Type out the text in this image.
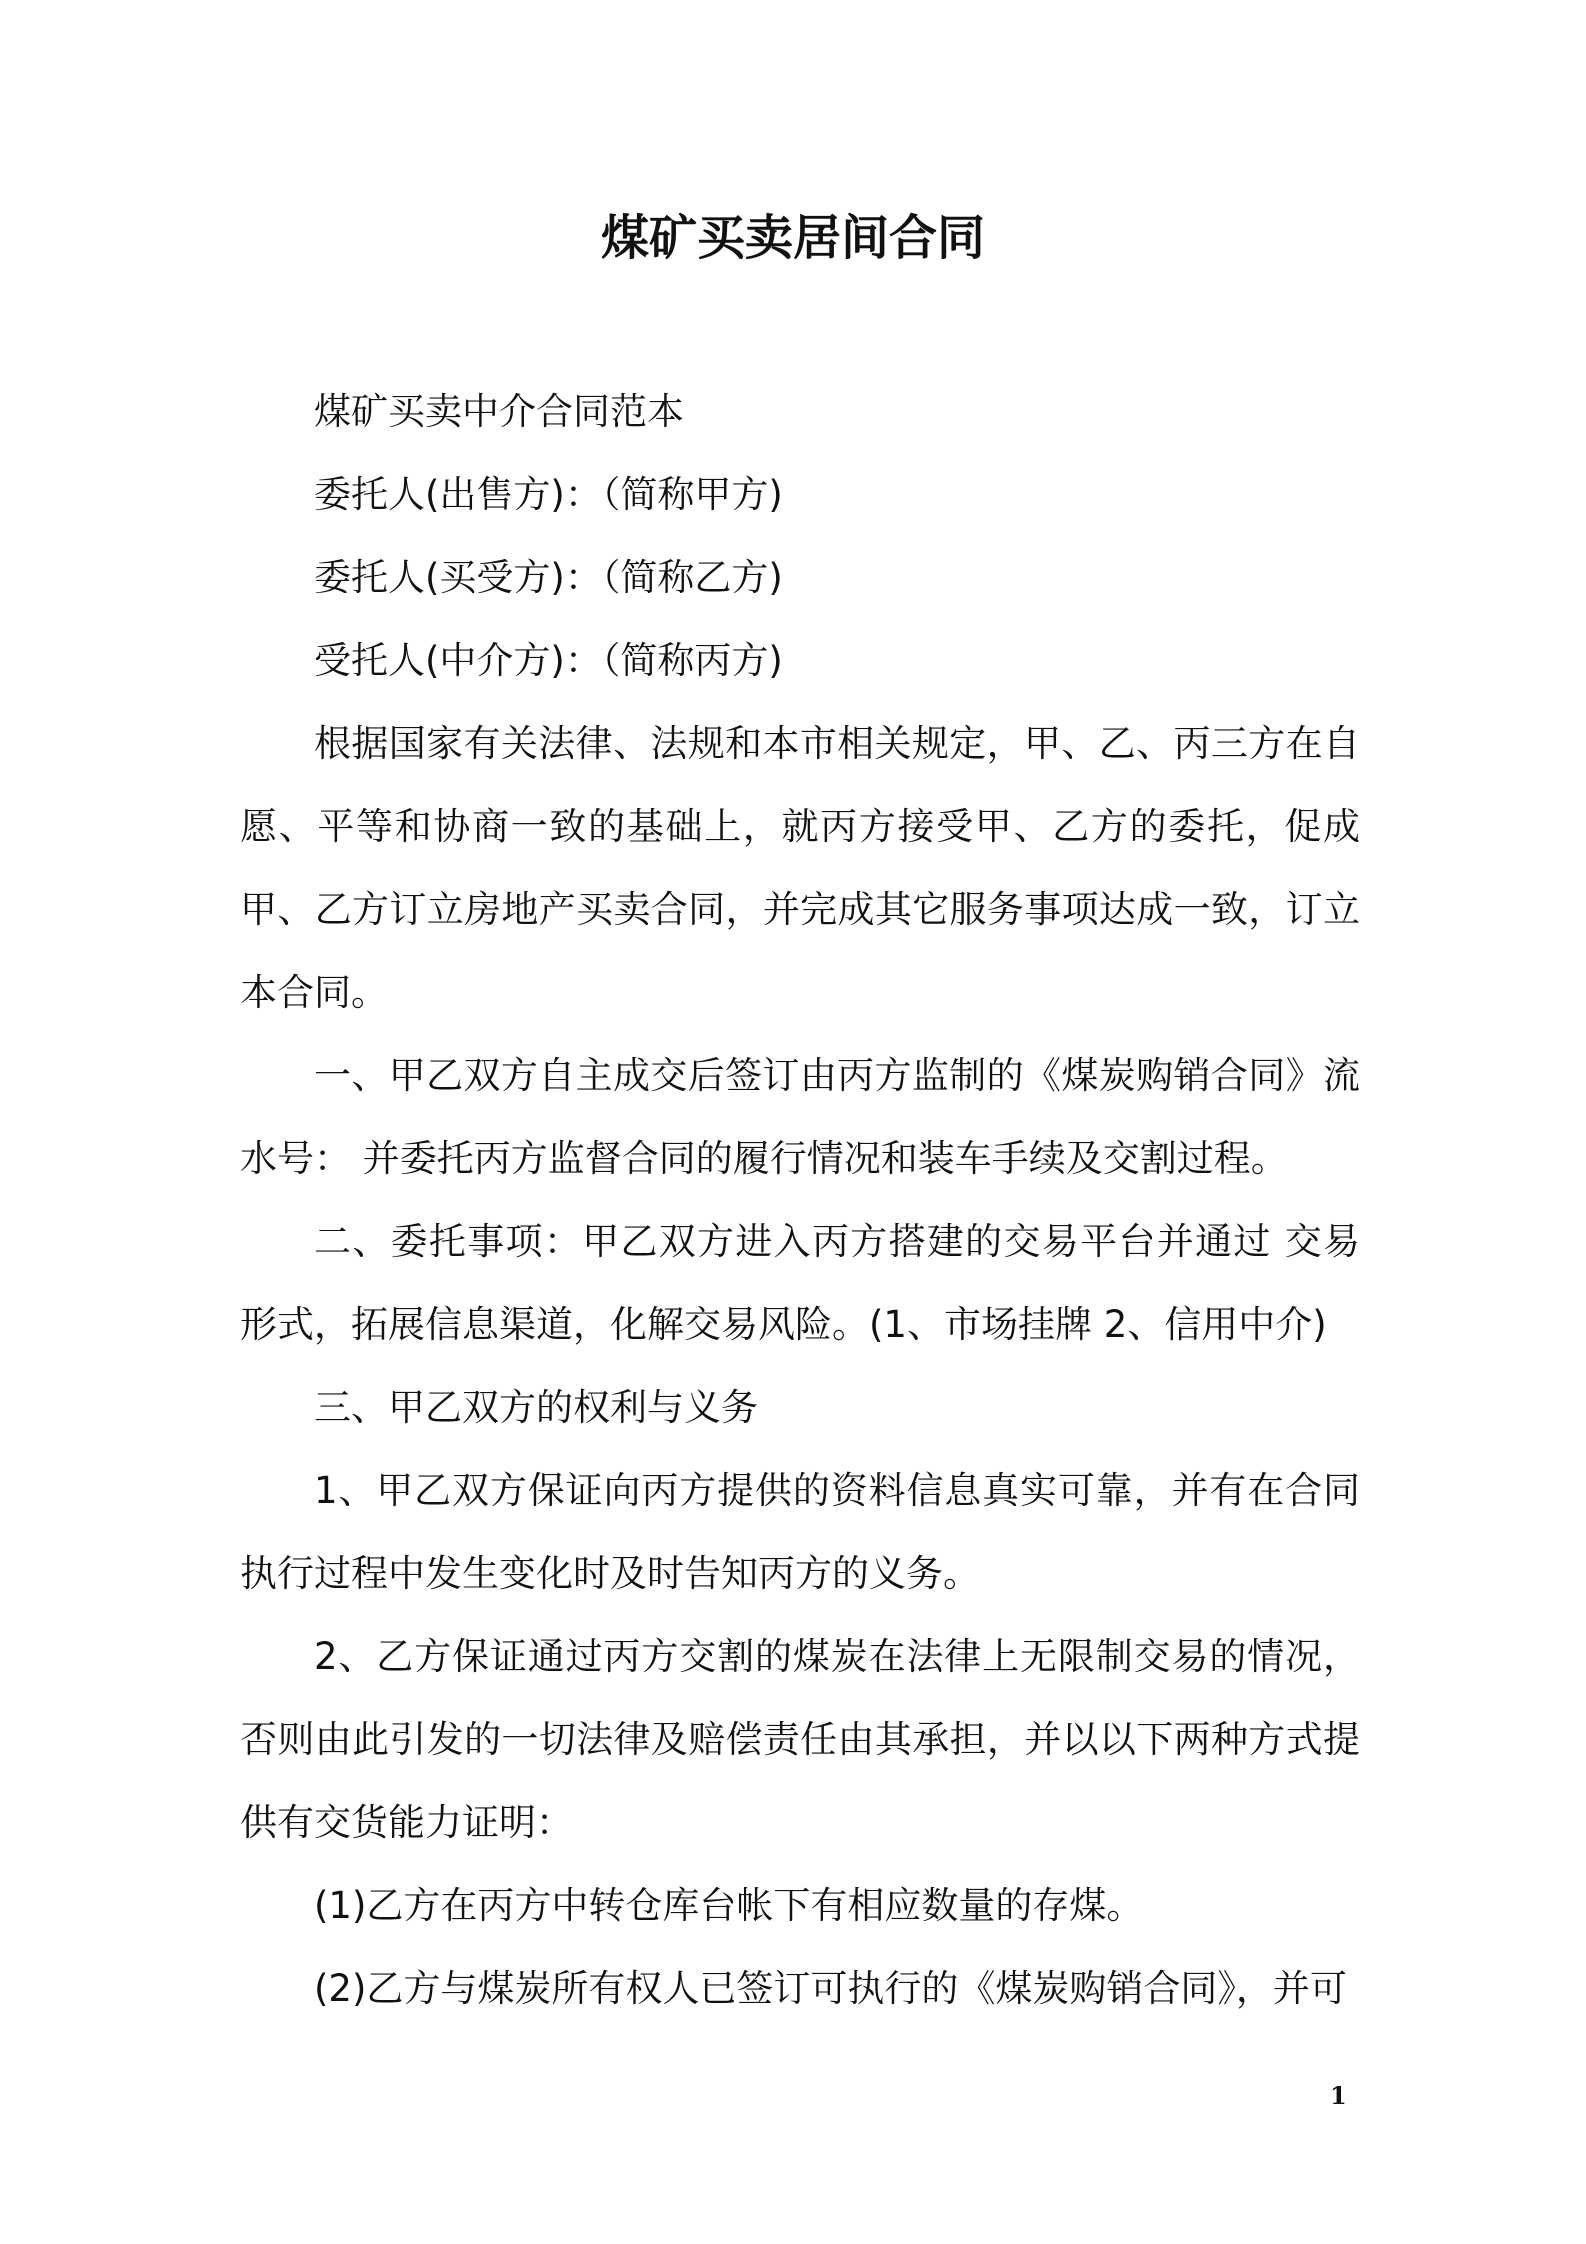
煤矿买卖居间合同

煤矿买卖中介合同范本

委托人(出售方)：（简称甲方)

委托人(买受方)：（简称乙方)

受托人(中介方)：（简称丙方)

根据国家有关法律、法规和本市相关规定，甲、乙、丙三方在自愿、平等和协商一致的基础上，就丙方接受甲、乙方的委托，促成甲、乙方订立房地产买卖合同，并完成其它服务事项达成一致，订立本合同。

一、甲乙双方自主成交后签订由丙方监制的《煤炭购销合同》流水号： 并委托丙方监督合同的履行情况和装车手续及交割过程。

二、委托事项：甲乙双方进入丙方搭建的交易平台并通过 交易形式，拓展信息渠道，化解交易风险。(1、市场挂牌 2、信用中介)

三、甲乙双方的权利与义务

1、甲乙双方保证向丙方提供的资料信息真实可靠，并有在合同执行过程中发生变化时及时告知丙方的义务。

2、乙方保证通过丙方交割的煤炭在法律上无限制交易的情况，否则由此引发的一切法律及赔偿责任由其承担，并以以下两种方式提供有交货能力证明：

(1)乙方在丙方中转仓库台帐下有相应数量的存煤。

(2)乙方与煤炭所有权人已签订可执行的《煤炭购销合同》，并可

1
